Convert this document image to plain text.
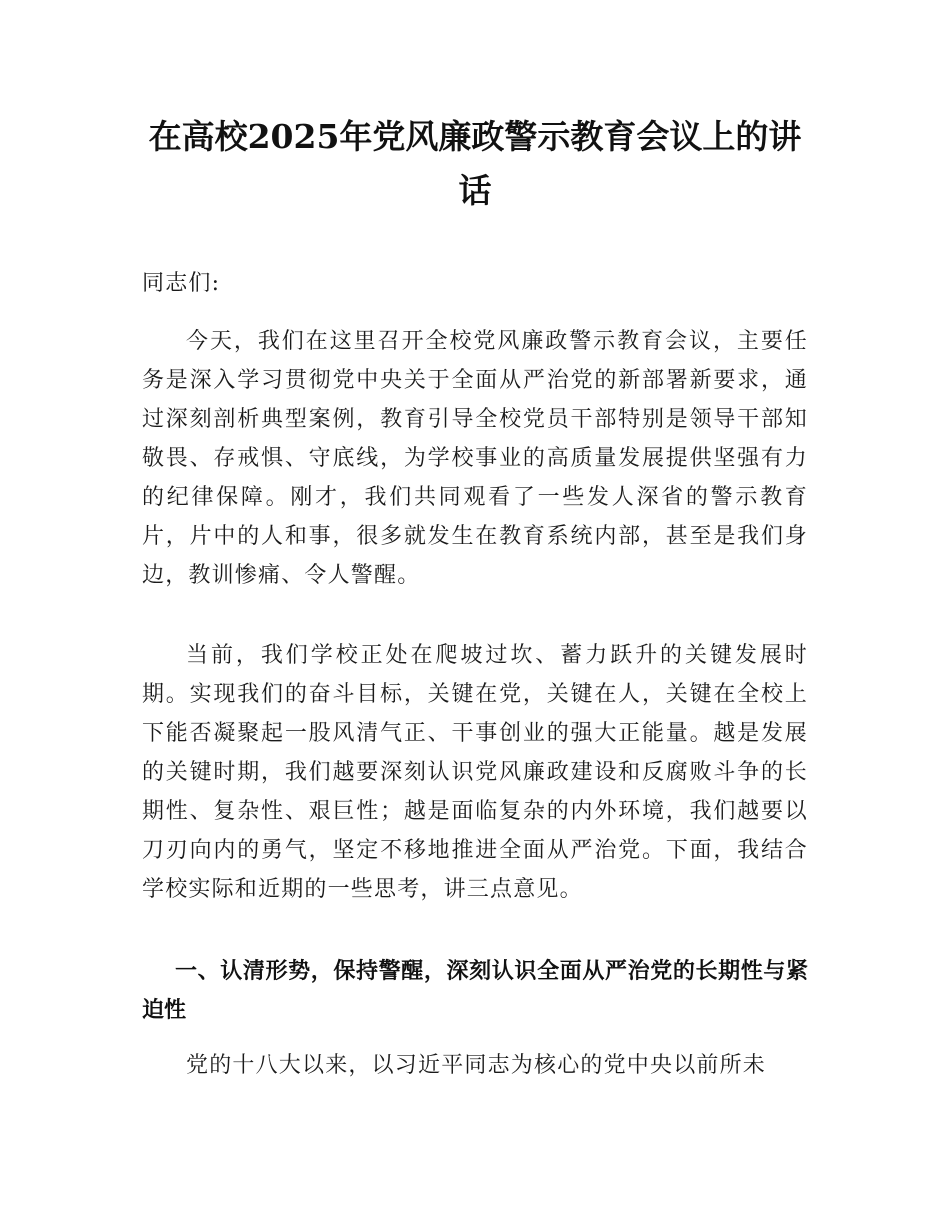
在高校2025年党风廉政警示教育会议上的讲话
同志们:
今天，我们在这里召开全校党风廉政警示教育会议，主要任务是深入学习贯彻党中央关于全面从严治党的新部署新要求，通过深刻剖析典型案例，教育引导全校党员干部特别是领导干部知敬畏、存戒惧、守底线，为学校事业的高质量发展提供坚强有力的纪律保障。刚才，我们共同观看了一些发人深省的警示教育片，片中的人和事，很多就发生在教育系统内部，甚至是我们身边，教训惨痛、令人警醒。
当前，我们学校正处在爬坡过坎、蓄力跃升的关键发展时期。实现我们的奋斗目标，关键在党，关键在人，关键在全校上下能否凝聚起一股风清气正、干事创业的强大正能量。越是发展的关键时期，我们越要深刻认识党风廉政建设和反腐败斗争的长期性、复杂性、艰巨性；越是面临复杂的内外环境，我们越要以刀刃向内的勇气，坚定不移地推进全面从严治党。下面，我结合学校实际和近期的一些思考，讲三点意见。
一、认清形势，保持警醒，深刻认识全面从严治党的长期性与紧迫性
党的十八大以来，以习近平同志为核心的党中央以前所未
